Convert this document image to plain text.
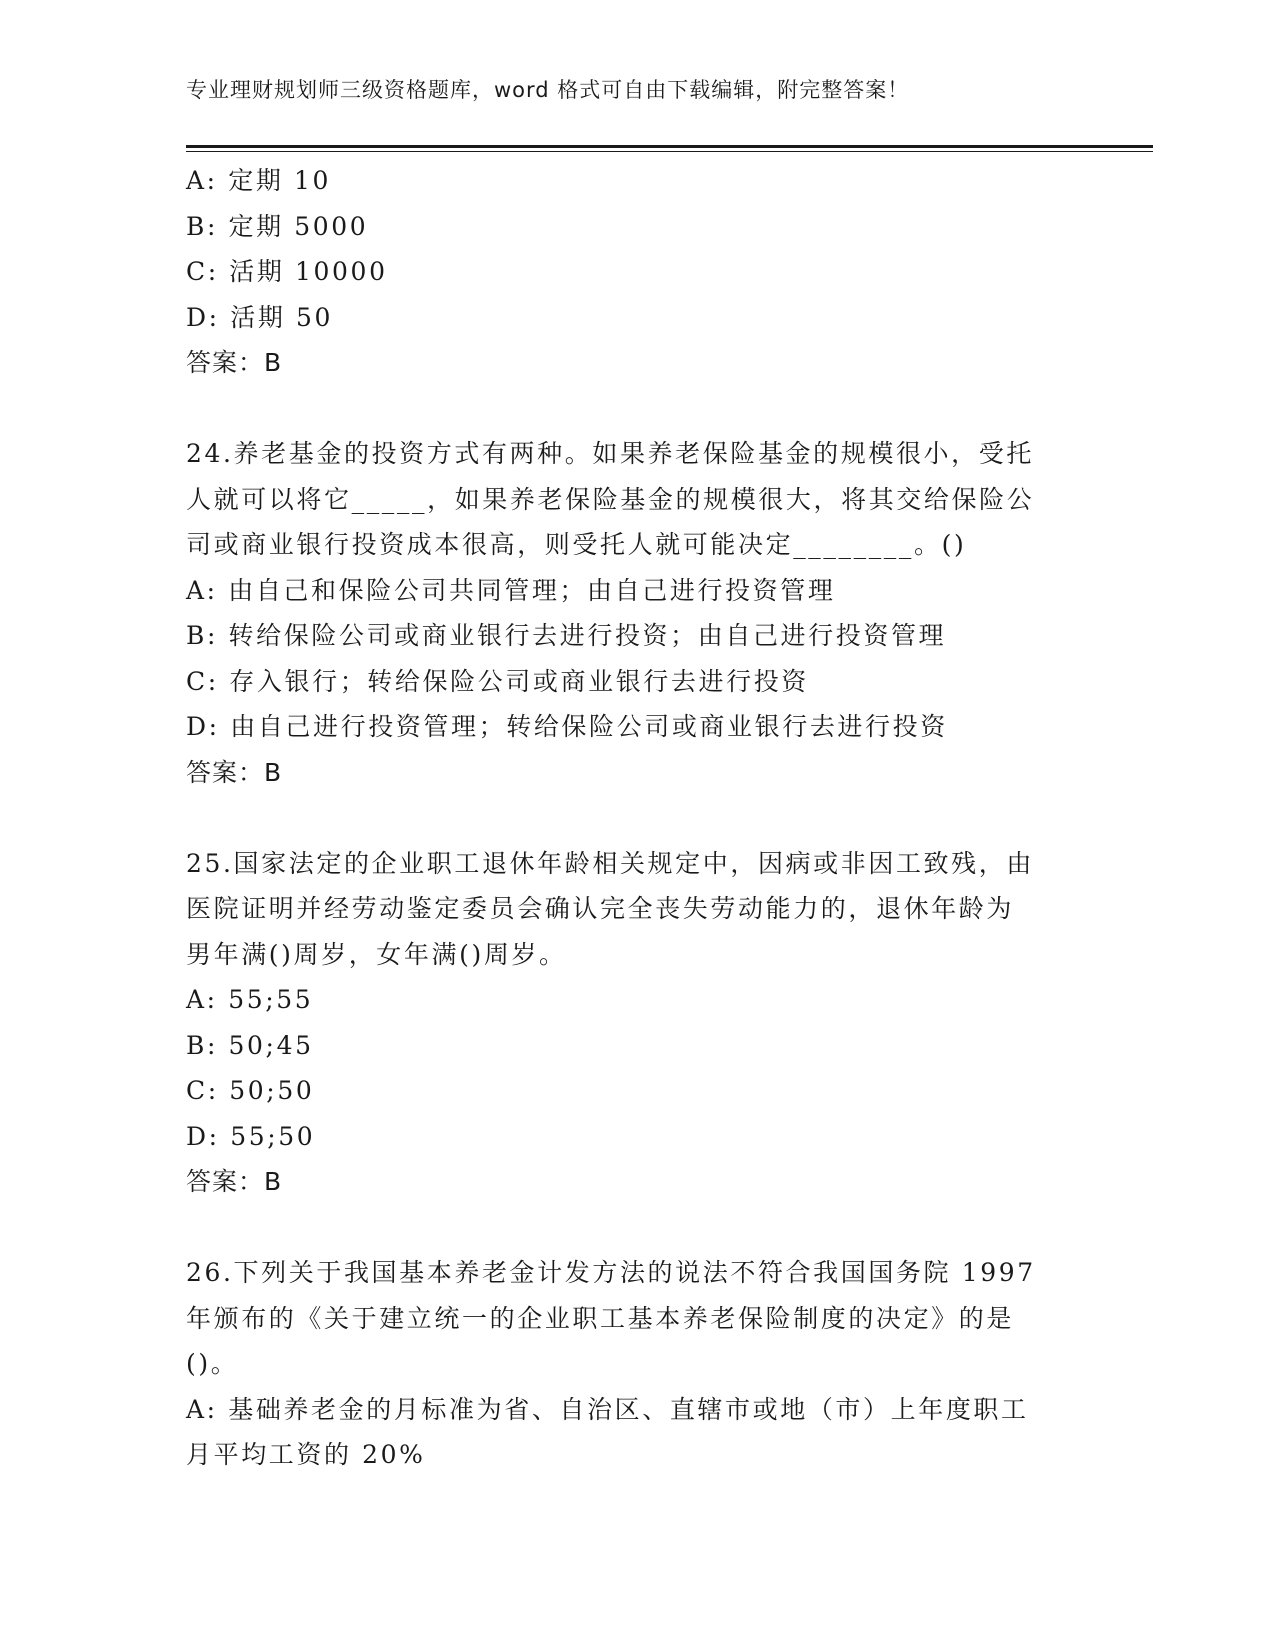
专业理财规划师三级资格题库，word 格式可自由下载编辑，附完整答案！
A: 定期 10
B: 定期 5000
C: 活期 10000
D: 活期 50
答案：B
24.养老基金的投资方式有两种。如果养老保险基金的规模很小，受托
人就可以将它_____，如果养老保险基金的规模很大，将其交给保险公
司或商业银行投资成本很高，则受托人就可能决定________。()
A: 由自己和保险公司共同管理；由自己进行投资管理
B: 转给保险公司或商业银行去进行投资；由自己进行投资管理
C: 存入银行；转给保险公司或商业银行去进行投资
D: 由自己进行投资管理；转给保险公司或商业银行去进行投资
答案：B
25.国家法定的企业职工退休年龄相关规定中，因病或非因工致残，由
医院证明并经劳动鉴定委员会确认完全丧失劳动能力的，退休年龄为
男年满()周岁，女年满()周岁。
A: 55;55
B: 50;45
C: 50;50
D: 55;50
答案：B
26.下列关于我国基本养老金计发方法的说法不符合我国国务院 1997
年颁布的《关于建立统一的企业职工基本养老保险制度的决定》的是
()。
A: 基础养老金的月标准为省、自治区、直辖市或地（市）上年度职工
月平均工资的 20%
